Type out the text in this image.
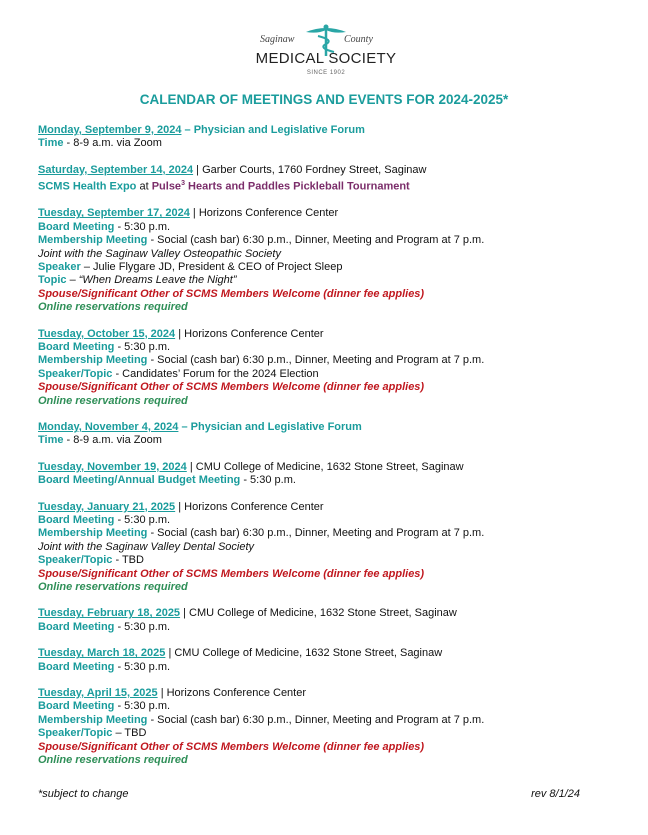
Saginaw	County
MEDICAL SOCIETY
SINCE 1902
CALENDAR OF MEETINGS AND EVENTS FOR 2024-2025*
Monday, September 9, 2024 – Physician and Legislative Forum
Time - 8-9 a.m. via Zoom
Saturday, September 14, 2024 | Garber Courts, 1760 Fordney Street, Saginaw
SCMS Health Expo at Pulse$^3$ Hearts and Paddles Pickleball Tournament
Tuesday, September 17, 2024 | Horizons Conference Center
Board Meeting - 5:30 p.m.
Membership Meeting - Social (cash bar) 6:30 p.m., Dinner, Meeting and Program at 7 p.m.
Joint with the Saginaw Valley Osteopathic Society
Speaker – Julie Flygare JD, President & CEO of Project Sleep
Topic – “When Dreams Leave the Night”
Spouse/Significant Other of SCMS Members Welcome (dinner fee applies)
Online reservations required
Tuesday, October 15, 2024 | Horizons Conference Center
Board Meeting - 5:30 p.m.
Membership Meeting - Social (cash bar) 6:30 p.m., Dinner, Meeting and Program at 7 p.m.
Speaker/Topic - Candidates’ Forum for the 2024 Election
Spouse/Significant Other of SCMS Members Welcome (dinner fee applies)
Online reservations required
Monday, November 4, 2024 – Physician and Legislative Forum
Time - 8-9 a.m. via Zoom
Tuesday, November 19, 2024 | CMU College of Medicine, 1632 Stone Street, Saginaw
Board Meeting/Annual Budget Meeting - 5:30 p.m.
Tuesday, January 21, 2025 | Horizons Conference Center
Board Meeting - 5:30 p.m.
Membership Meeting - Social (cash bar) 6:30 p.m., Dinner, Meeting and Program at 7 p.m.
Joint with the Saginaw Valley Dental Society
Speaker/Topic - TBD
Spouse/Significant Other of SCMS Members Welcome (dinner fee applies)
Online reservations required
Tuesday, February 18, 2025 | CMU College of Medicine, 1632 Stone Street, Saginaw
Board Meeting - 5:30 p.m.
Tuesday, March 18, 2025 | CMU College of Medicine, 1632 Stone Street, Saginaw
Board Meeting - 5:30 p.m.
Tuesday, April 15, 2025 | Horizons Conference Center
Board Meeting - 5:30 p.m.
Membership Meeting - Social (cash bar) 6:30 p.m., Dinner, Meeting and Program at 7 p.m.
Speaker/Topic – TBD
Spouse/Significant Other of SCMS Members Welcome (dinner fee applies)
Online reservations required
*subject to change	rev 8/1/24
